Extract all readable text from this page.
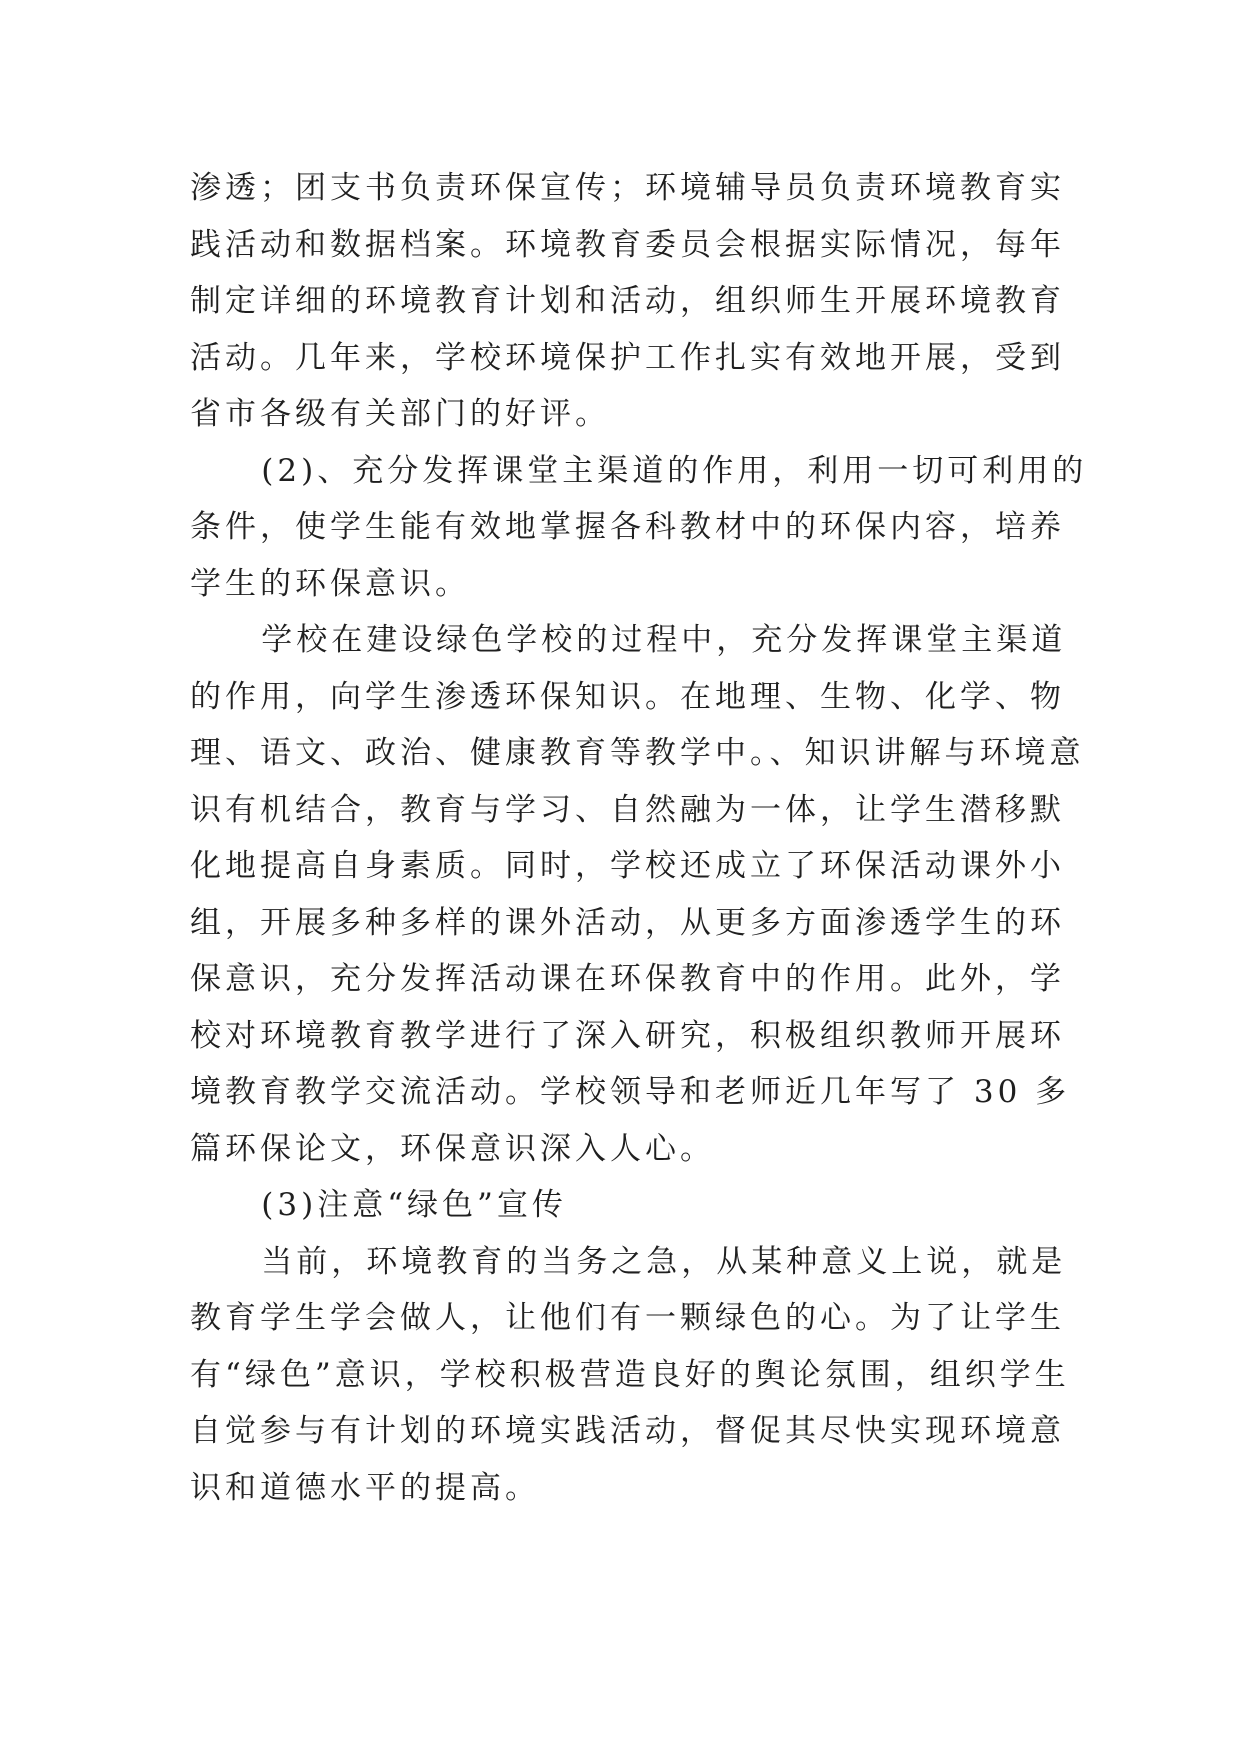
渗透；团支书负责环保宣传；环境辅导员负责环境教育实践活动和数据档案。环境教育委员会根据实际情况，每年制定详细的环境教育计划和活动，组织师生开展环境教育活动。几年来，学校环境保护工作扎实有效地开展，受到省市各级有关部门的好评。

(2)、充分发挥课堂主渠道的作用，利用一切可利用的条件，使学生能有效地掌握各科教材中的环保内容，培养学生的环保意识。

学校在建设绿色学校的过程中，充分发挥课堂主渠道的作用，向学生渗透环保知识。在地理、生物、化学、物理、语文、政治、健康教育等教学中。、知识讲解与环境意识有机结合，教育与学习、自然融为一体，让学生潜移默化地提高自身素质。同时，学校还成立了环保活动课外小组，开展多种多样的课外活动，从更多方面渗透学生的环保意识，充分发挥活动课在环保教育中的作用。此外，学校对环境教育教学进行了深入研究，积极组织教师开展环境教育教学交流活动。学校领导和老师近几年写了 30 多篇环保论文，环保意识深入人心。

(3)注意“绿色”宣传

当前，环境教育的当务之急，从某种意义上说，就是教育学生学会做人，让他们有一颗绿色的心。为了让学生有“绿色”意识，学校积极营造良好的舆论氛围，组织学生自觉参与有计划的环境实践活动，督促其尽快实现环境意识和道德水平的提高。
